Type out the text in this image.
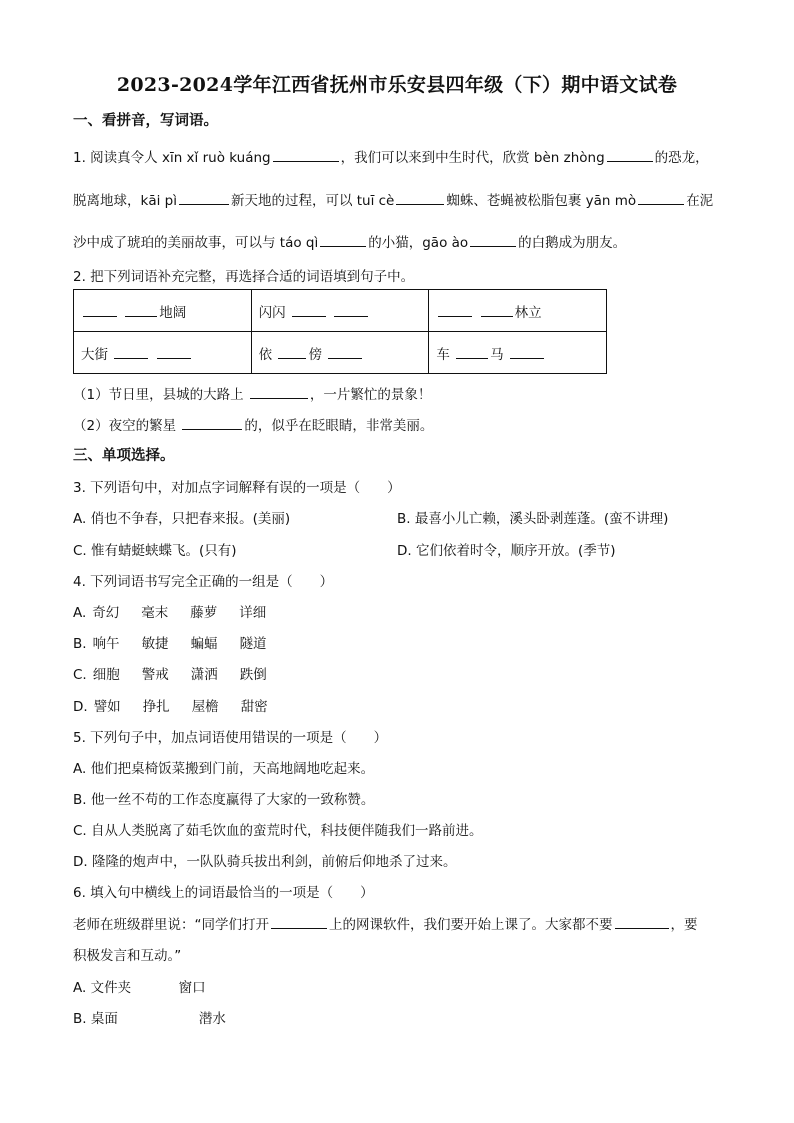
2023-2024学年江西省抚州市乐安县四年级（下）期中语文试卷
一、看拼音，写词语。
1. 阅读真令人 xīn xǐ ruò kuáng	，我们可以来到中生时代，欣赏 bèn zhòng	的恐龙，
脱离地球，kāi pì	新天地的过程，可以 tuī cè	蜘蛛、苍蝇被松脂包裹 yān mò	在泥
沙中成了琥珀的美丽故事，可以与 táo qì	的小猫，gāo ào	的白鹅成为朋友。
2. 把下列词语补充完整，再选择合适的词语填到句子中。
地阔	闪闪	林立
大街	依 傍	车 马
（1）节日里，县城的大路上	，一片繁忙的景象！
（2）夜空的繁星	的，似乎在眨眼睛，非常美丽。
三、单项选择。
3. 下列语句中，对加点字词解释有误的一项是（　　）
A. 俏也不争春，只把春来报。(美丽)	B. 最喜小儿亡赖，溪头卧剥莲蓬。(蛮不讲理)
C. 惟有蜻蜓蛱蝶飞。(只有)	D. 它们依着时令，顺序开放。(季节)
4. 下列词语书写完全正确的一组是（　　）
A. 奇幻 毫末 藤萝 详细
B. 响午 敏捷 蝙蝠 隧道
C. 细胞 警戒 潇洒 跌倒
D. 譬如 挣扎 屋檐 甜密
5. 下列句子中，加点词语使用错误的一项是（　　）
A. 他们把桌椅饭菜搬到门前，天高地阔地吃起来。
B. 他一丝不苟的工作态度赢得了大家的一致称赞。
C. 自从人类脱离了茹毛饮血的蛮荒时代，科技便伴随我们一路前进。
D. 隆隆的炮声中，一队队骑兵拔出利剑，前俯后仰地杀了过来。
6. 填入句中横线上的词语最恰当的一项是（　　）
老师在班级群里说：“同学们打开	上的网课软件，我们要开始上课了。大家都不要	，要
积极发言和互动。”
A. 文件夹	窗口
B. 桌面	潜水
